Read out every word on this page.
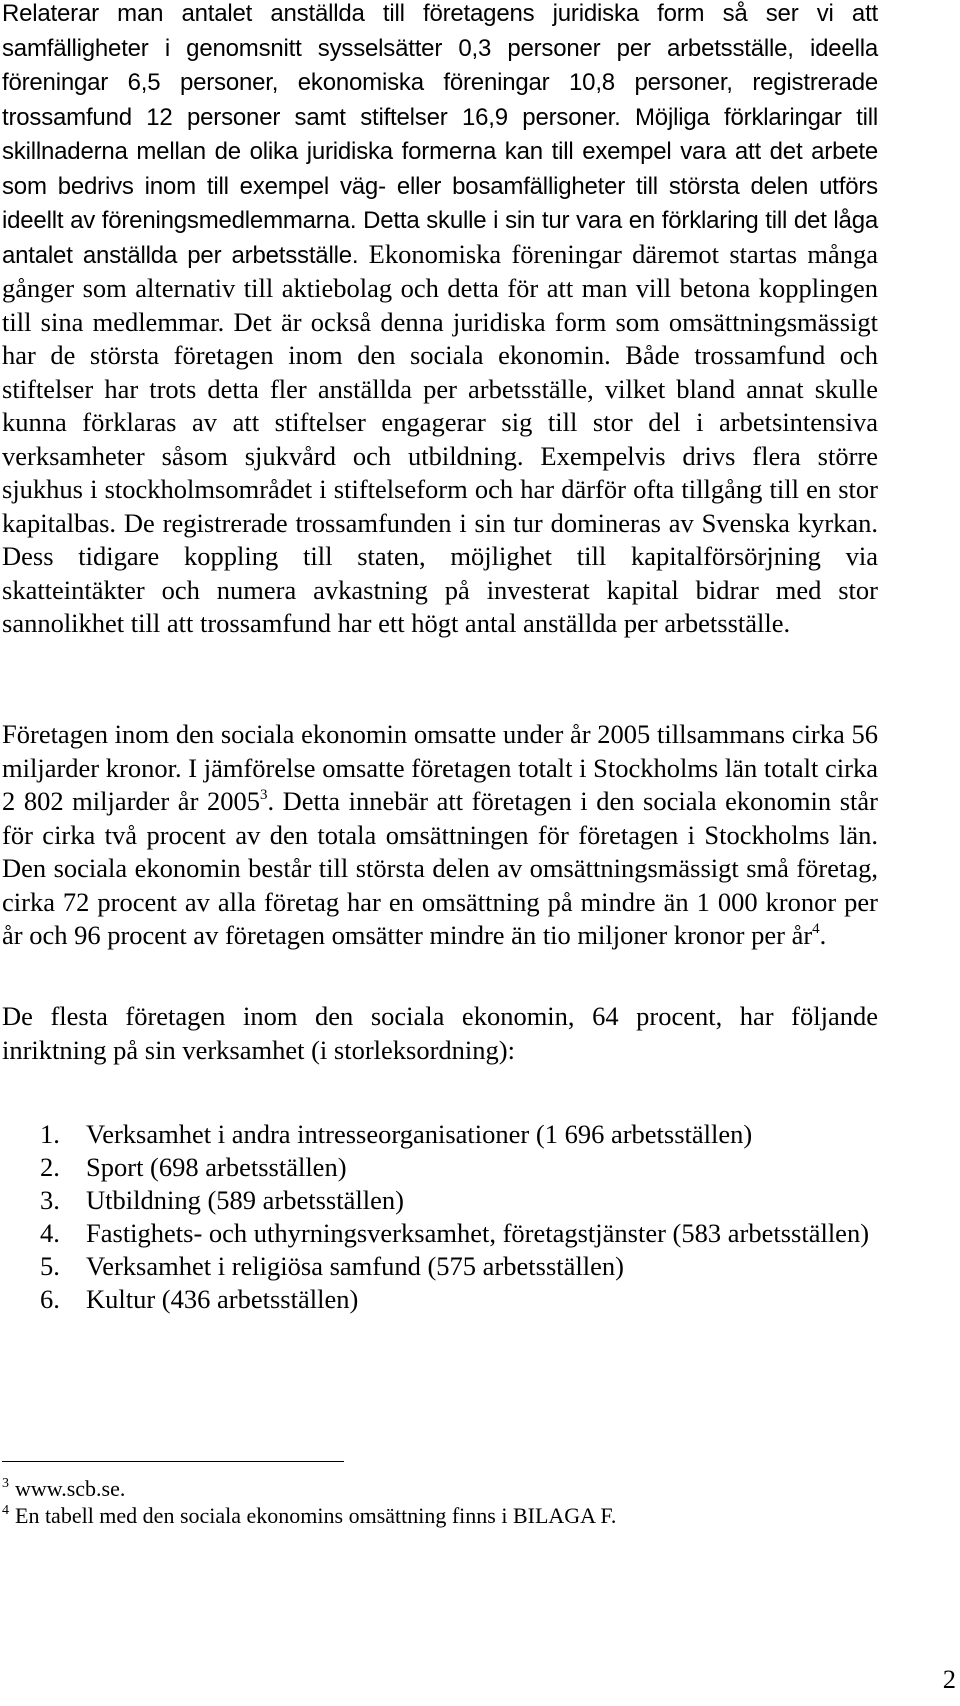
Relaterar man antalet anställda till företagens juridiska form så ser vi att samfälligheter i genomsnitt sysselsätter 0,3 personer per arbetsställe, ideella föreningar 6,5 personer, ekonomiska föreningar 10,8 personer, registrerade trossamfund 12 personer samt stiftelser 16,9 personer. Möjliga förklaringar till skillnaderna mellan de olika juridiska formerna kan till exempel vara att det arbete som bedrivs inom till exempel väg- eller bosamfälligheter till största delen utförs ideellt av föreningsmedlemmarna. Detta skulle i sin tur vara en förklaring till det låga antalet anställda per arbetsställe. Ekonomiska föreningar däremot startas många gånger som alternativ till aktiebolag och detta för att man vill betona kopplingen till sina medlemmar. Det är också denna juridiska form som omsättningsmässigt har de största företagen inom den sociala ekonomin. Både trossamfund och stiftelser har trots detta fler anställda per arbetsställe, vilket bland annat skulle kunna förklaras av att stiftelser engagerar sig till stor del i arbetsintensiva verksamheter såsom sjukvård och utbildning. Exempelvis drivs flera större sjukhus i stockholmsområdet i stiftelseform och har därför ofta tillgång till en stor kapitalbas. De registrerade trossamfunden i sin tur domineras av Svenska kyrkan. Dess tidigare koppling till staten, möjlighet till kapitalförsörjning via skatteintäkter och numera avkastning på investerat kapital bidrar med stor sannolikhet till att trossamfund har ett högt antal anställda per arbetsställe.

Företagen inom den sociala ekonomin omsatte under år 2005 tillsammans cirka 56 miljarder kronor. I jämförelse omsatte företagen totalt i Stockholms län totalt cirka 2 802 miljarder år 2005$^3$. Detta innebär att företagen i den sociala ekonomin står för cirka två procent av den totala omsättningen för företagen i Stockholms län. Den sociala ekonomin består till största delen av omsättningsmässigt små företag, cirka 72 procent av alla företag har en omsättning på mindre än 1 000 kronor per år och 96 procent av företagen omsätter mindre än tio miljoner kronor per $år^4$.

De flesta företagen inom den sociala ekonomin, 64 procent, har följande inriktning på sin verksamhet (i storleksordning):

1. Verksamhet i andra intresseorganisationer (1 696 arbetsställen)
2. Sport (698 arbetsställen)
3. Utbildning (589 arbetsställen)
4. Fastighets- och uthyrningsverksamhet, företagstjänster (583 arbetsställen)
5. Verksamhet i religiösa samfund (575 arbetsställen)
6. Kultur (436 arbetsställen)

$^3$ www.scb.se.

$^4$ En tabell med den sociala ekonomins omsättning finns i BILAGA F.

2
